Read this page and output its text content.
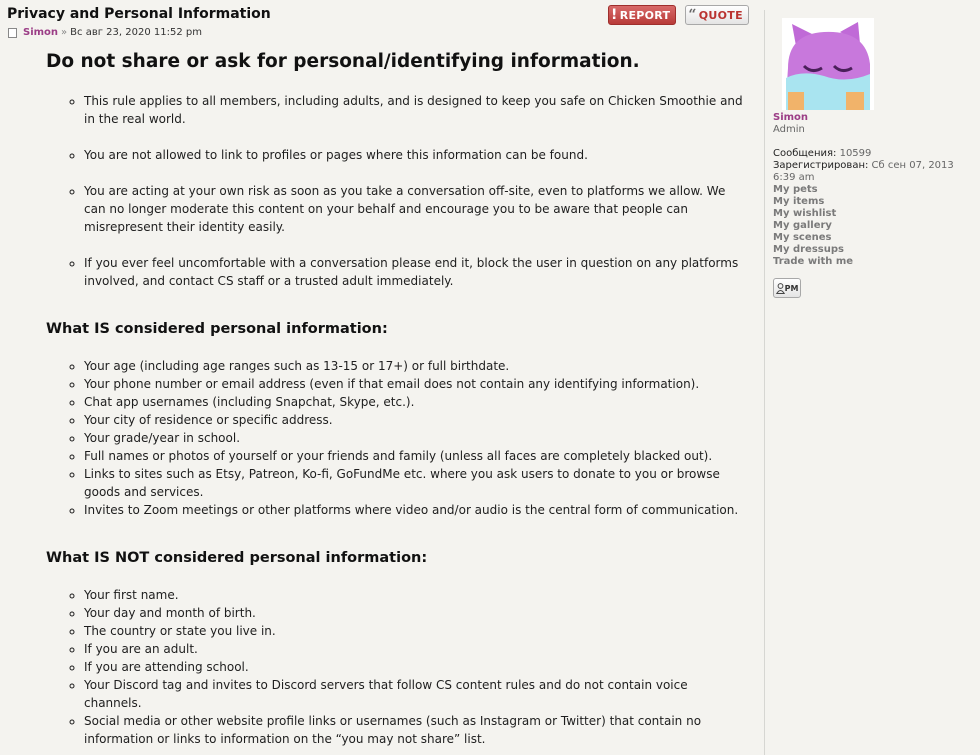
Privacy and Personal Information	! REPORT “ QUOTE
Simon » Вс авг 23, 2020 11:52 pm
Do not share or ask for personal/identifying information.
◦ This rule applies to all members, including adults, and is designed to keep you safe on Chicken Smoothie and in the real world.
◦ You are not allowed to link to profiles or pages where this information can be found.
◦ You are acting at your own risk as soon as you take a conversation off-site, even to platforms we allow. We can no longer moderate this content on your behalf and encourage you to be aware that people can misrepresent their identity easily.
◦ If you ever feel uncomfortable with a conversation please end it, block the user in question on any platforms involved, and contact CS staff or a trusted adult immediately.
What IS considered personal information:
◦ Your age (including age ranges such as 13-15 or 17+) or full birthdate.
◦ Your phone number or email address (even if that email does not contain any identifying information).
◦ Chat app usernames (including Snapchat, Skype, etc.).
◦ Your city of residence or specific address.
◦ Your grade/year in school.
◦ Full names or photos of yourself or your friends and family (unless all faces are completely blacked out).
◦ Links to sites such as Etsy, Patreon, Ko-fi, GoFundMe etc. where you ask users to donate to you or browse goods and services.
◦ Invites to Zoom meetings or other platforms where video and/or audio is the central form of communication.
What IS NOT considered personal information:
◦ Your first name.
◦ Your day and month of birth.
◦ The country or state you live in.
◦ If you are an adult.
◦ If you are attending school.
◦ Your Discord tag and invites to Discord servers that follow CS content rules and do not contain voice channels.
◦ Social media or other website profile links or usernames (such as Instagram or Twitter) that contain no information or links to information on the “you may not share” list.
Simon
Admin
Сообщения: 10599
Зарегистрирован: Сб сен 07, 2013 6:39 am
My pets
My items
My wishlist
My gallery
My scenes
My dressups
Trade with me
PM
